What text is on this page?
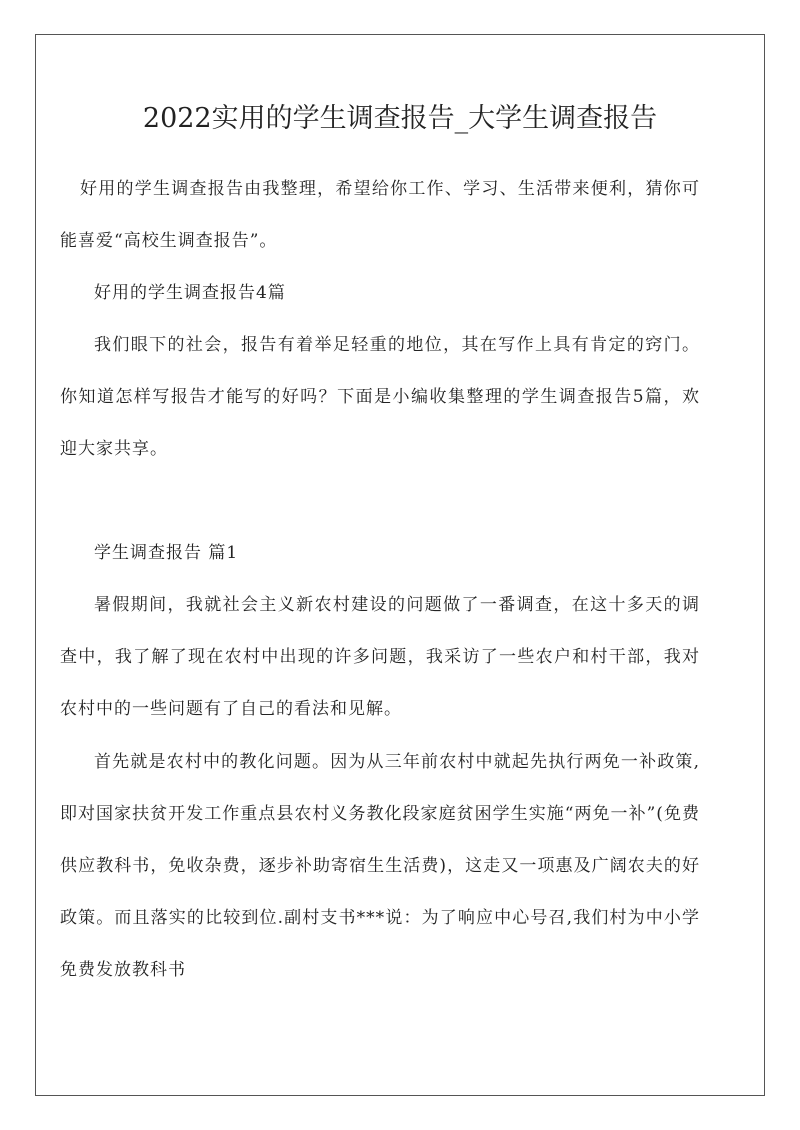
2022实用的学生调查报告_大学生调查报告

好用的学生调查报告由我整理，希望给你工作、学习、生活带来便利，猜你可能喜爱“高校生调查报告”。

好用的学生调查报告4篇

我们眼下的社会，报告有着举足轻重的地位，其在写作上具有肯定的窍门。你知道怎样写报告才能写的好吗？下面是小编收集整理的学生调查报告5篇，欢迎大家共享。

学生调查报告 篇1

暑假期间，我就社会主义新农村建设的问题做了一番调查，在这十多天的调查中，我了解了现在农村中出现的许多问题，我采访了一些农户和村干部，我对农村中的一些问题有了自己的看法和见解。

首先就是农村中的教化问题。因为从三年前农村中就起先执行两免一补政策,即对国家扶贫开发工作重点县农村义务教化段家庭贫困学生实施“两免一补”(免费供应教科书，免收杂费，逐步补助寄宿生生活费)，这走又一项惠及广阔农夫的好政策。而且落实的比较到位.副村支书***说：为了响应中心号召,我们村为中小学免费发放教科书
